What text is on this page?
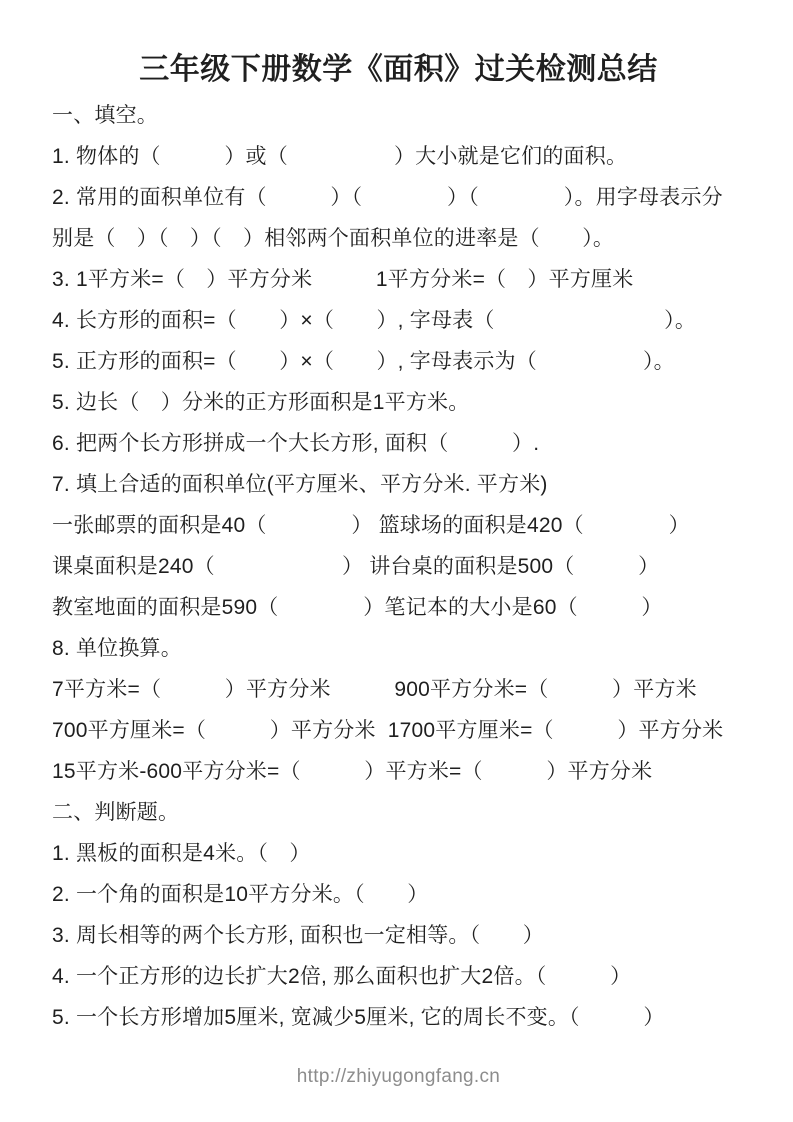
三年级下册数学《面积》过关检测总结
一、填空。
1. 物体的（　　　）或（　　　　　）大小就是它们的面积。
2. 常用的面积单位有（　　　）（　　　　）（　　　　）。用字母表示分
别是（　）（　）（　）相邻两个面积单位的进率是（　　）。
3. 1平方米=（　）平方分米　　　1平方分米=（　）平方厘米
4. 长方形的面积=（　　）×（　　）, 字母表（　　　　　　　　）。
5. 正方形的面积=（　　）×（　　）, 字母表示为（　　　　　）。
5. 边长（　）分米的正方形面积是1平方米。
6. 把两个长方形拼成一个大长方形, 面积（　　　）.
7. 填上合适的面积单位(平方厘米、平方分米. 平方米)
一张邮票的面积是40（　　　　） 篮球场的面积是420（　　　　）
课桌面积是240（　　　　　　） 讲台桌的面积是500（　　　）
教室地面的面积是590（　　　　）笔记本的大小是60（　　　）
8. 单位换算。
7平方米=（　　　）平方分米　　　900平方分米=（　　　）平方米
700平方厘米=（　　　）平方分米  1700平方厘米=（　　　）平方分米
15平方米-600平方分米=（　　　）平方米=（　　　）平方分米
二、判断题。
1. 黑板的面积是4米。（　）
2. 一个角的面积是10平方分米。（　　）
3. 周长相等的两个长方形, 面积也一定相等。（　　）
4. 一个正方形的边长扩大2倍, 那么面积也扩大2倍。（　　　）
5. 一个长方形增加5厘米, 宽减少5厘米, 它的周长不变。（　　　）
http://zhiyugongfang.cn
